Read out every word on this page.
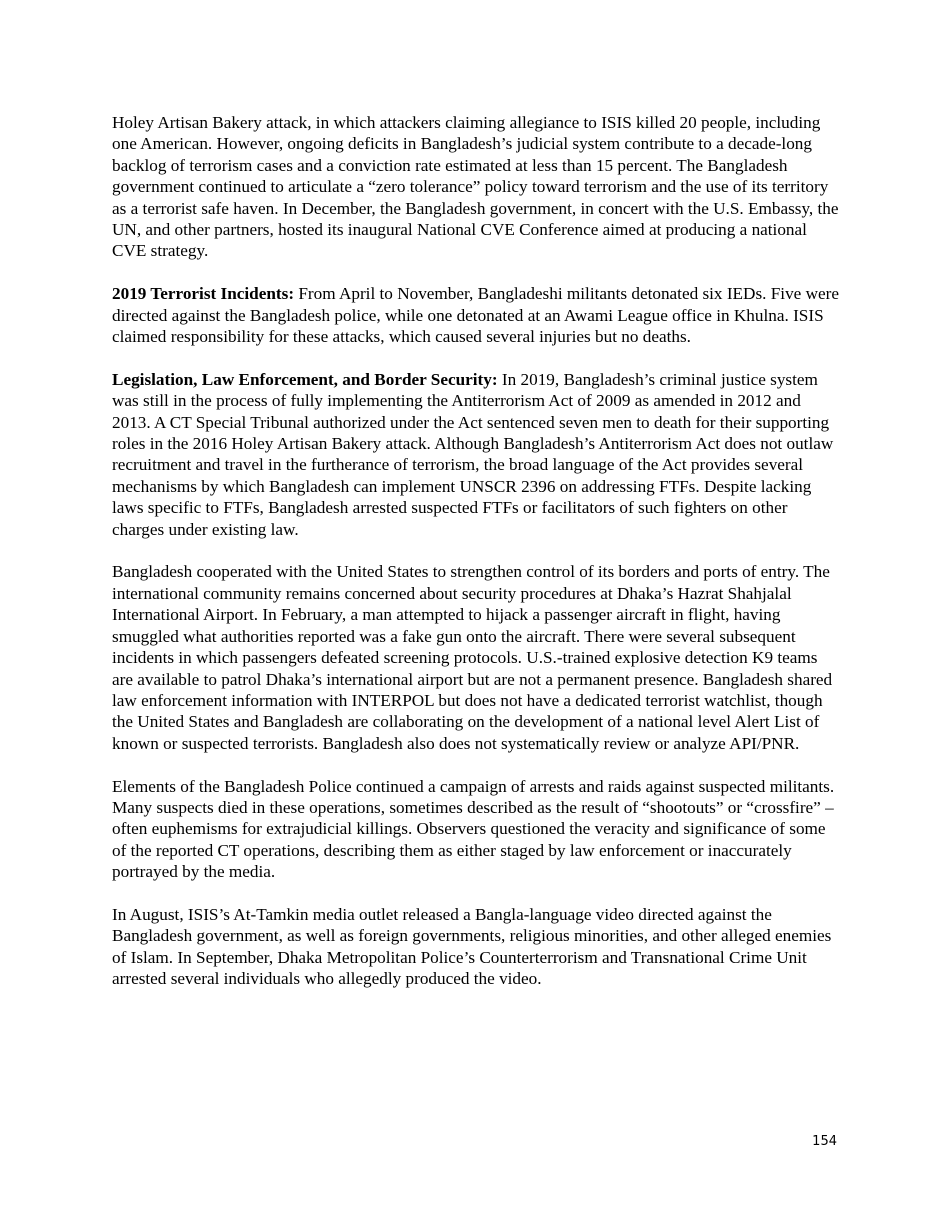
Holey Artisan Bakery attack, in which attackers claiming allegiance to ISIS killed 20 people, including one American. However, ongoing deficits in Bangladesh’s judicial system contribute to a decade-long backlog of terrorism cases and a conviction rate estimated at less than 15 percent. The Bangladesh government continued to articulate a “zero tolerance” policy toward terrorism and the use of its territory as a terrorist safe haven. In December, the Bangladesh government, in concert with the U.S. Embassy, the UN, and other partners, hosted its inaugural National CVE Conference aimed at producing a national CVE strategy.

2019 Terrorist Incidents: From April to November, Bangladeshi militants detonated six IEDs. Five were directed against the Bangladesh police, while one detonated at an Awami League office in Khulna. ISIS claimed responsibility for these attacks, which caused several injuries but no deaths.

Legislation, Law Enforcement, and Border Security: In 2019, Bangladesh’s criminal justice system was still in the process of fully implementing the Antiterrorism Act of 2009 as amended in 2012 and 2013. A CT Special Tribunal authorized under the Act sentenced seven men to death for their supporting roles in the 2016 Holey Artisan Bakery attack. Although Bangladesh’s Antiterrorism Act does not outlaw recruitment and travel in the furtherance of terrorism, the broad language of the Act provides several mechanisms by which Bangladesh can implement UNSCR 2396 on addressing FTFs. Despite lacking laws specific to FTFs, Bangladesh arrested suspected FTFs or facilitators of such fighters on other charges under existing law.

Bangladesh cooperated with the United States to strengthen control of its borders and ports of entry. The international community remains concerned about security procedures at Dhaka’s Hazrat Shahjalal International Airport. In February, a man attempted to hijack a passenger aircraft in flight, having smuggled what authorities reported was a fake gun onto the aircraft. There were several subsequent incidents in which passengers defeated screening protocols. U.S.-trained explosive detection K9 teams are available to patrol Dhaka’s international airport but are not a permanent presence. Bangladesh shared law enforcement information with INTERPOL but does not have a dedicated terrorist watchlist, though the United States and Bangladesh are collaborating on the development of a national level Alert List of known or suspected terrorists. Bangladesh also does not systematically review or analyze API/PNR.

Elements of the Bangladesh Police continued a campaign of arrests and raids against suspected militants. Many suspects died in these operations, sometimes described as the result of “shootouts” or “crossfire” – often euphemisms for extrajudicial killings. Observers questioned the veracity and significance of some of the reported CT operations, describing them as either staged by law enforcement or inaccurately portrayed by the media.

In August, ISIS’s At-Tamkin media outlet released a Bangla-language video directed against the Bangladesh government, as well as foreign governments, religious minorities, and other alleged enemies of Islam. In September, Dhaka Metropolitan Police’s Counterterrorism and Transnational Crime Unit arrested several individuals who allegedly produced the video.

154
